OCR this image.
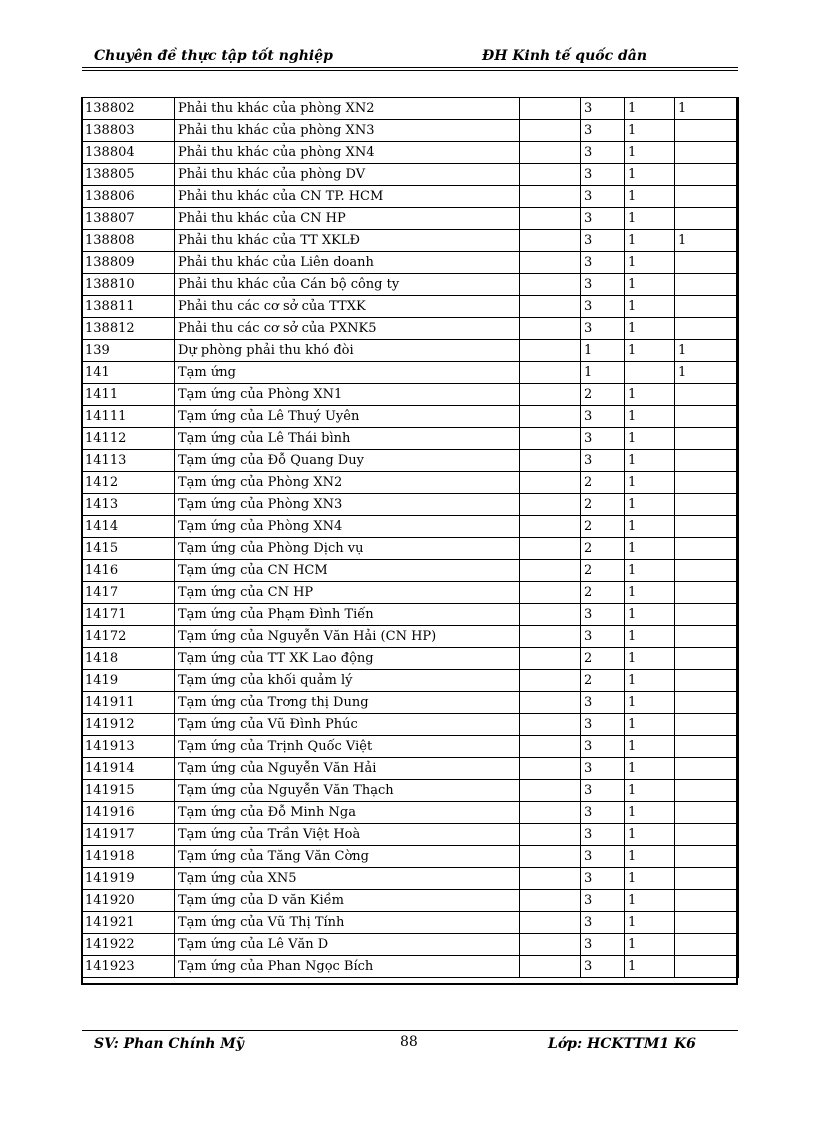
Chuyên đề thực tập tốt nghiệp	ĐH Kinh tế quốc dân
138802	Phải thu khác của phòng XN2		3	1	1
138803	Phải thu khác của phòng XN3		3	1	
138804	Phải thu khác của phòng XN4		3	1	
138805	Phải thu khác của phòng DV		3	1	
138806	Phải thu khác của CN TP. HCM		3	1	
138807	Phải thu khác của CN HP		3	1	
138808	Phải thu khác của TT XKLĐ		3	1	1
138809	Phải thu khác của Liên doanh		3	1	
138810	Phải thu khác của Cán bộ công ty		3	1	
138811	Phải thu các cơ sở của TTXK		3	1	
138812	Phải thu các cơ sở của PXNK5		3	1	
139	Dự phòng phải thu khó đòi		1	1	1
141	Tạm ứng		1		1
1411	Tạm ứng của Phòng XN1		2	1	
14111	Tạm ứng của Lê Thuý Uyên		3	1	
14112	Tạm ứng của Lê Thái bình		3	1	
14113	Tạm ứng của Đỗ Quang Duy		3	1	
1412	Tạm ứng của Phòng XN2		2	1	
1413	Tạm ứng của Phòng XN3		2	1	
1414	Tạm ứng của Phòng XN4		2	1	
1415	Tạm ứng của Phòng Dịch vụ		2	1	
1416	Tạm ứng của CN HCM		2	1	
1417	Tạm ứng của CN HP		2	1	
14171	Tạm ứng của Phạm Đình Tiến		3	1	
14172	Tạm ứng của Nguyễn Văn Hải (CN HP)		3	1	
1418	Tạm ứng của TT XK Lao động		2	1	
1419	Tạm ứng của khối quảm lý		2	1	
141911	Tạm ứng của Trơng thị Dung		3	1	
141912	Tạm ứng của Vũ Đình Phúc		3	1	
141913	Tạm ứng của Trịnh Quốc Việt		3	1	
141914	Tạm ứng của Nguyễn Văn Hải		3	1	
141915	Tạm ứng của Nguyễn Văn Thạch		3	1	
141916	Tạm ứng của Đỗ Minh Nga		3	1	
141917	Tạm ứng của Trần Việt Hoà		3	1	
141918	Tạm ứng của Tăng Văn Cờng		3	1	
141919	Tạm ứng của XN5		3	1	
141920	Tạm ứng của D văn Kiềm		3	1	
141921	Tạm ứng của Vũ Thị Tính		3	1	
141922	Tạm ứng của Lê Văn D		3	1	
141923	Tạm ứng của Phan Ngọc Bích		3	1	
SV: Phan Chính Mỹ	88	Lớp: HCKTTM1 K6
